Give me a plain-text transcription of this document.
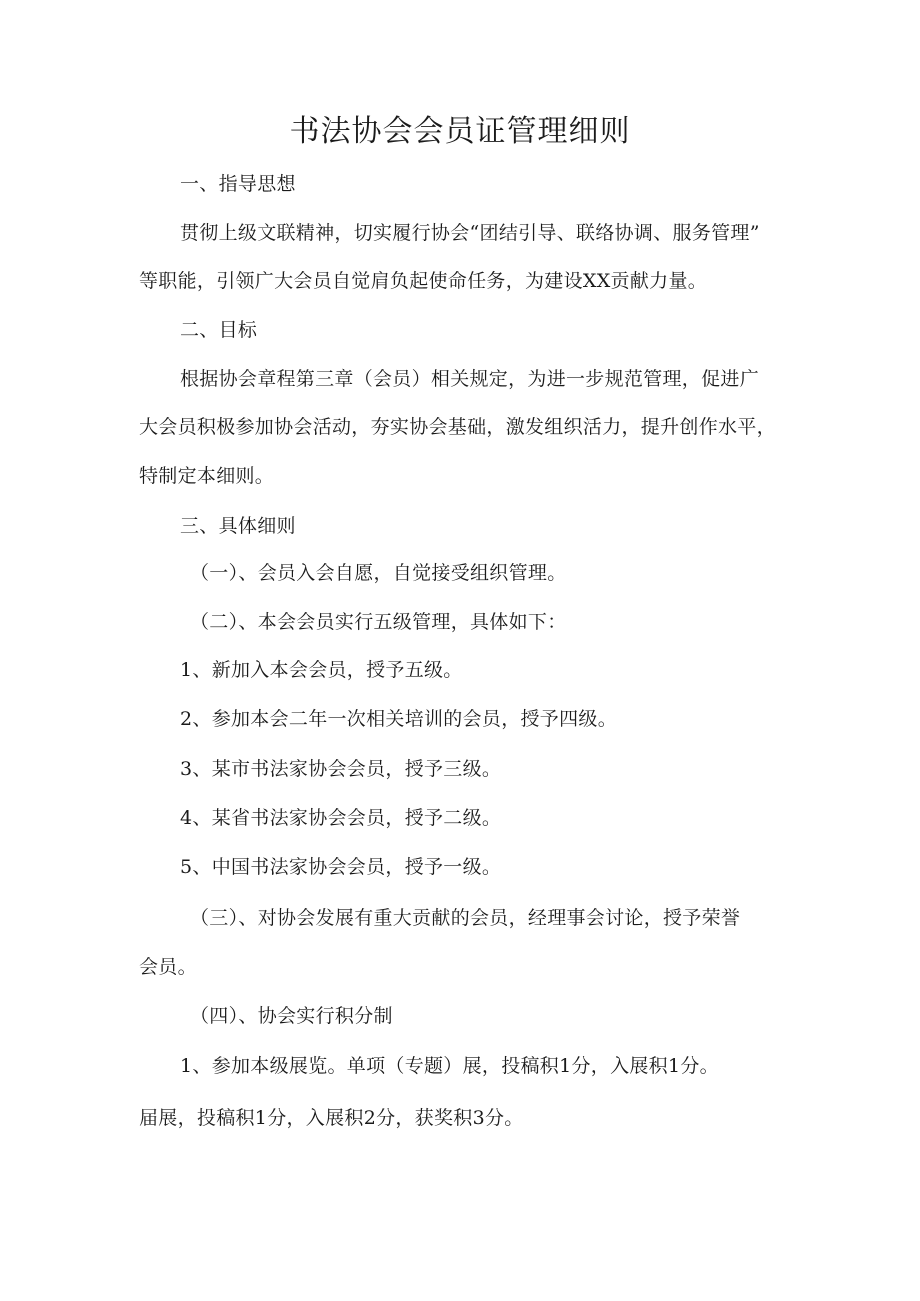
书法协会会员证管理细则
一、指导思想
贯彻上级文联精神，切实履行协会“团结引导、联络协调、服务管理”
等职能，引领广大会员自觉肩负起使命任务，为建设XX贡献力量。
二、目标
根据协会章程第三章（会员）相关规定，为进一步规范管理，促进广
大会员积极参加协会活动，夯实协会基础，激发组织活力，提升创作水平，
特制定本细则。
三、具体细则
（一）、会员入会自愿，自觉接受组织管理。
（二）、本会会员实行五级管理，具体如下：
1、新加入本会会员，授予五级。
2、参加本会二年一次相关培训的会员，授予四级。
3、某市书法家协会会员，授予三级。
4、某省书法家协会会员，授予二级。
5、中国书法家协会会员，授予一级。
（三）、对协会发展有重大贡献的会员，经理事会讨论，授予荣誉
会员。
（四）、协会实行积分制
1、参加本级展览。单项（专题）展，投稿积1分，入展积1分。
届展，投稿积1分，入展积2分，获奖积3分。
